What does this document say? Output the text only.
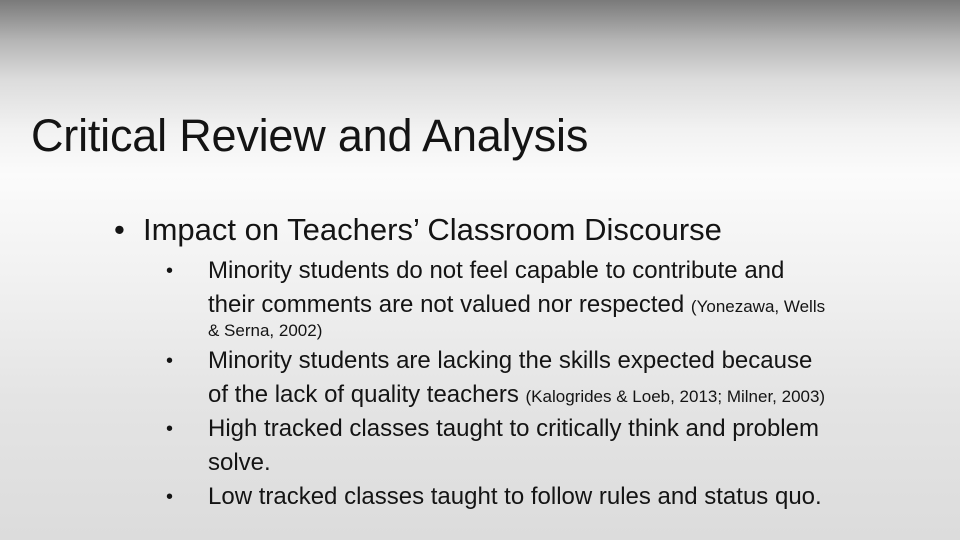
Critical Review and Analysis
• Impact on Teachers’ Classroom Discourse
• Minority students do not feel capable to contribute and
their comments are not valued nor respected (Yonezawa, Wells
& Serna, 2002)
• Minority students are lacking the skills expected because
of the lack of quality teachers (Kalogrides & Loeb, 2013; Milner, 2003)
• High tracked classes taught to critically think and problem
solve.
• Low tracked classes taught to follow rules and status quo.
